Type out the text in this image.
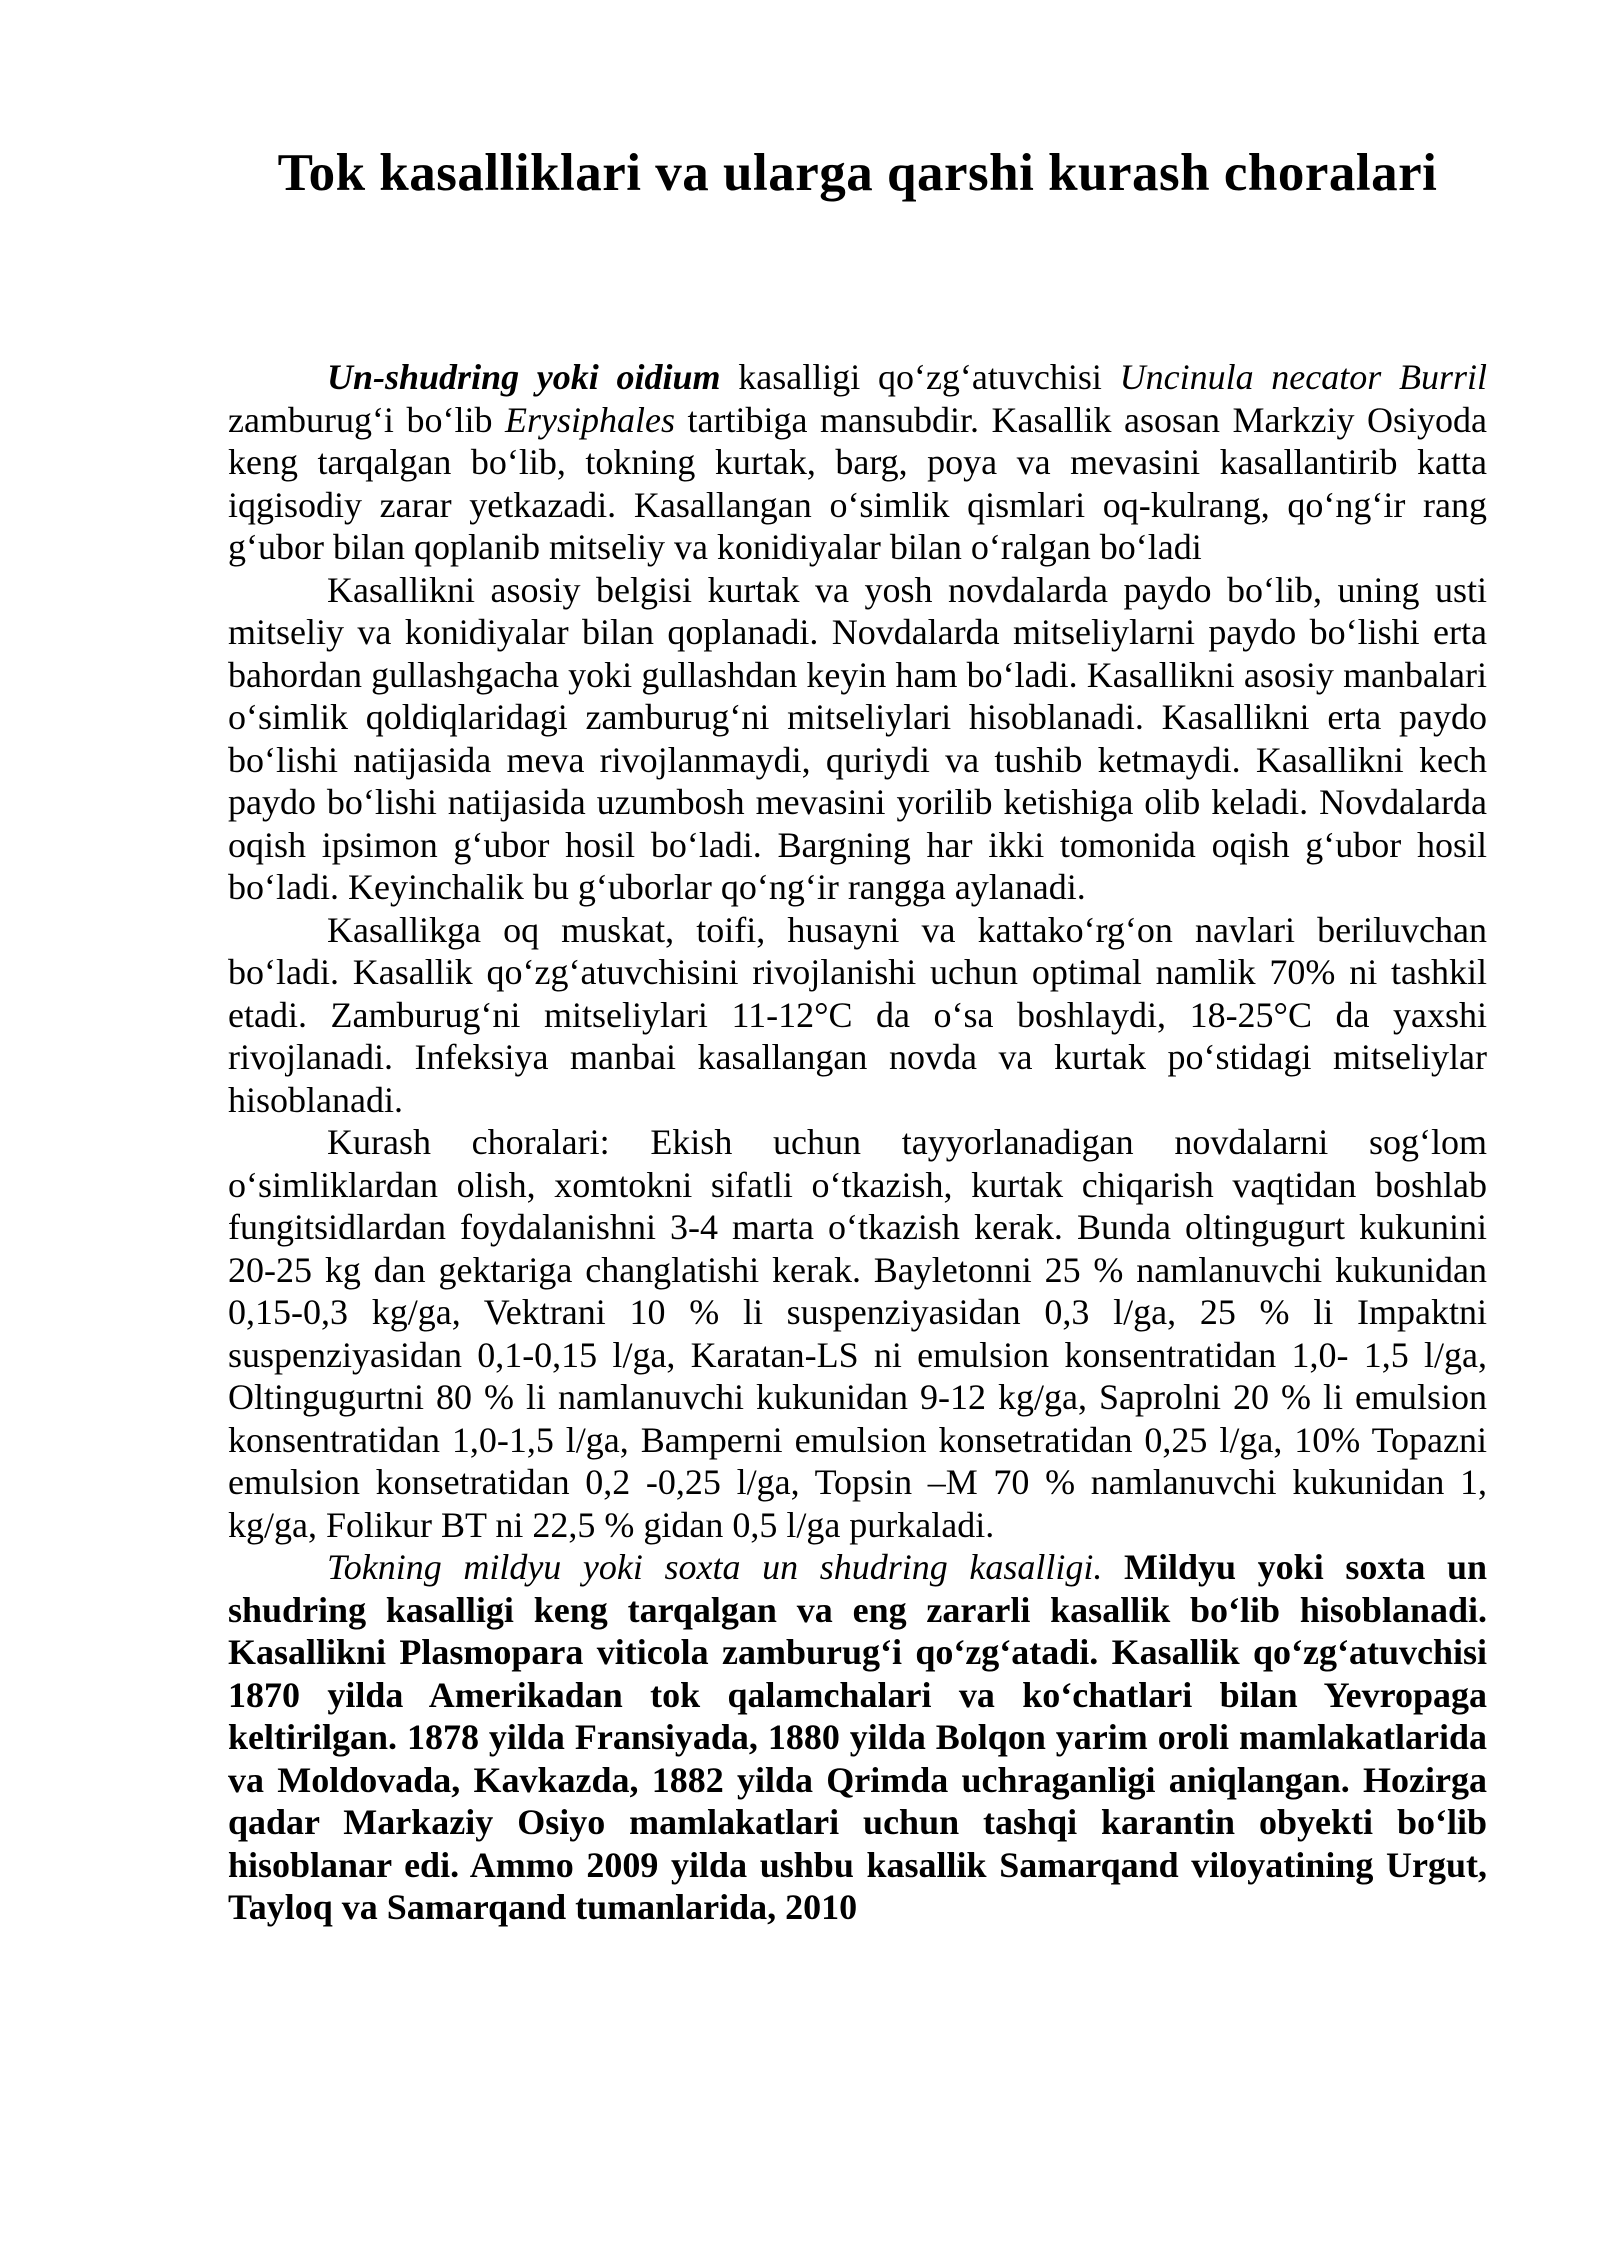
Tok kasalliklari va ularga qarshi kurash choralari

Un-shudring yoki oidium kasalligi qo‘zg‘atuvchisi Uncinula necator Burril zamburug‘i bo‘lib Erysiphales tartibiga mansubdir. Kasallik asosan Markziy Osiyoda keng tarqalgan bo‘lib, tokning kurtak, barg, poya va mevasini kasallantirib katta iqgisodiy zarar yetkazadi. Kasallangan o‘simlik qismlari oq-kulrang, qo‘ng‘ir rang g‘ubor bilan qoplanib mitseliy va konidiyalar bilan o‘ralgan bo‘ladi

Kasallikni asosiy belgisi kurtak va yosh novdalarda paydo bo‘lib, uning usti mitseliy va konidiyalar bilan qoplanadi. Novdalarda mitseliylarni paydo bo‘lishi erta bahordan gullashgacha yoki gullashdan keyin ham bo‘ladi. Kasallikni asosiy manbalari o‘simlik qoldiqlaridagi zamburug‘ni mitseliylari hisoblanadi. Kasallikni erta paydo bo‘lishi natijasida meva rivojlanmaydi, quriydi va tushib ketmaydi. Kasallikni kech paydo bo‘lishi natijasida uzumbosh mevasini yorilib ketishiga olib keladi. Novdalarda oqish ipsimon g‘ubor hosil bo‘ladi. Bargning har ikki tomonida oqish g‘ubor hosil bo‘ladi. Keyinchalik bu g‘uborlar qo‘ng‘ir rangga aylanadi.

Kasallikga oq muskat, toifi, husayni va kattako‘rg‘on navlari beriluvchan bo‘ladi. Kasallik qo‘zg‘atuvchisini rivojlanishi uchun optimal namlik 70% ni tashkil etadi. Zamburug‘ni mitseliylari 11-12°C da o‘sa boshlaydi, 18-25°C da yaxshi rivojlanadi. Infeksiya manbai kasallangan novda va kurtak po‘stidagi mitseliylar hisoblanadi.

Kurash choralari: Ekish uchun tayyorlanadigan novdalarni sog‘lom o‘simliklardan olish, xomtokni sifatli o‘tkazish, kurtak chiqarish vaqtidan boshlab fungitsidlardan foydalanishni 3-4 marta o‘tkazish kerak. Bunda oltingugurt kukunini 20-25 kg dan gektariga changlatishi kerak. Bayletonni 25 % namlanuvchi kukunidan 0,15-0,3 kg/ga, Vektrani 10 % li suspenziyasidan 0,3 l/ga, 25 % li Impaktni suspenziyasidan 0,1-0,15 l/ga, Karatan-LS ni emulsion konsentratidan 1,0- 1,5 l/ga, Oltingugurtni 80 % li namlanuvchi kukunidan 9-12 kg/ga, Saprolni 20 % li emulsion konsentratidan 1,0-1,5 l/ga, Bamperni emulsion konsetratidan 0,25 l/ga, 10% Topazni emulsion konsetratidan 0,2 -0,25 l/ga, Topsin –M 70 % namlanuvchi kukunidan 1, kg/ga, Folikur BT ni 22,5 % gidan 0,5 l/ga purkaladi.

Tokning mildyu yoki soxta un shudring kasalligi. Mildyu yoki soxta un shudring kasalligi keng tarqalgan va eng zararli kasallik bo‘lib hisoblanadi. Kasallikni Plasmopara viticola zamburug‘i qo‘zg‘atadi. Kasallik qo‘zg‘atuvchisi 1870 yilda Amerikadan tok qalamchalari va ko‘chatlari bilan Yevropaga keltirilgan. 1878 yilda Fransiyada, 1880 yilda Bolqon yarim oroli mamlakatlarida va Moldovada, Kavkazda, 1882 yilda Qrimda uchraganligi aniqlangan. Hozirga qadar Markaziy Osiyo mamlakatlari uchun tashqi karantin obyekti bo‘lib hisoblanar edi. Ammo 2009 yilda ushbu kasallik Samarqand viloyatining Urgut, Tayloq va Samarqand tumanlarida, 2010
